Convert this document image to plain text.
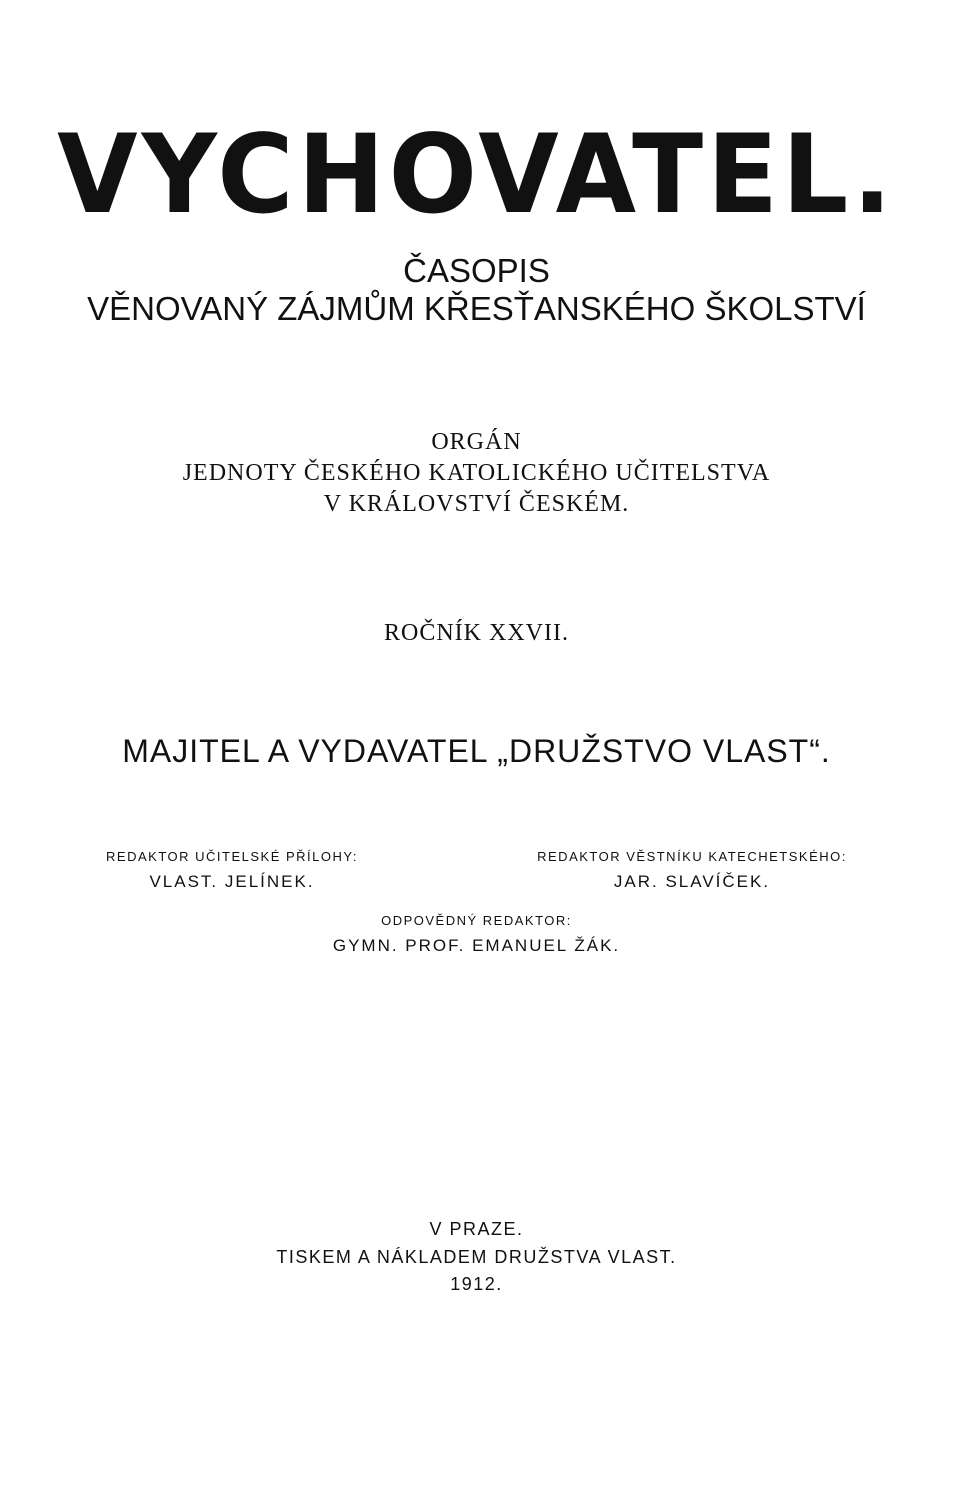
VYCHOVATEL.
ČASOPIS
VĚNOVANÝ ZÁJMŮM KŘESŤANSKÉHO ŠKOLSTVÍ
ORGÁN
JEDNOTY ČESKÉHO KATOLICKÉHO UČITELSTVA
V KRÁLOVSTVÍ ČESKÉM.
ROČNÍK XXVII.
MAJITEL A VYDAVATEL „DRUŽSTVO VLAST“.
REDAKTOR UČITELSKÉ PŘÍLOHY:
VLAST. JELÍNEK.
REDAKTOR VĚSTNÍKU KATECHETSKÉHO:
JAR. SLAVÍČEK.
ODPOVĚDNÝ REDAKTOR:
GYMN. PROF. EMANUEL ŽÁK.
V PRAZE.
TISKEM A NÁKLADEM DRUŽSTVA VLAST.
1912.
